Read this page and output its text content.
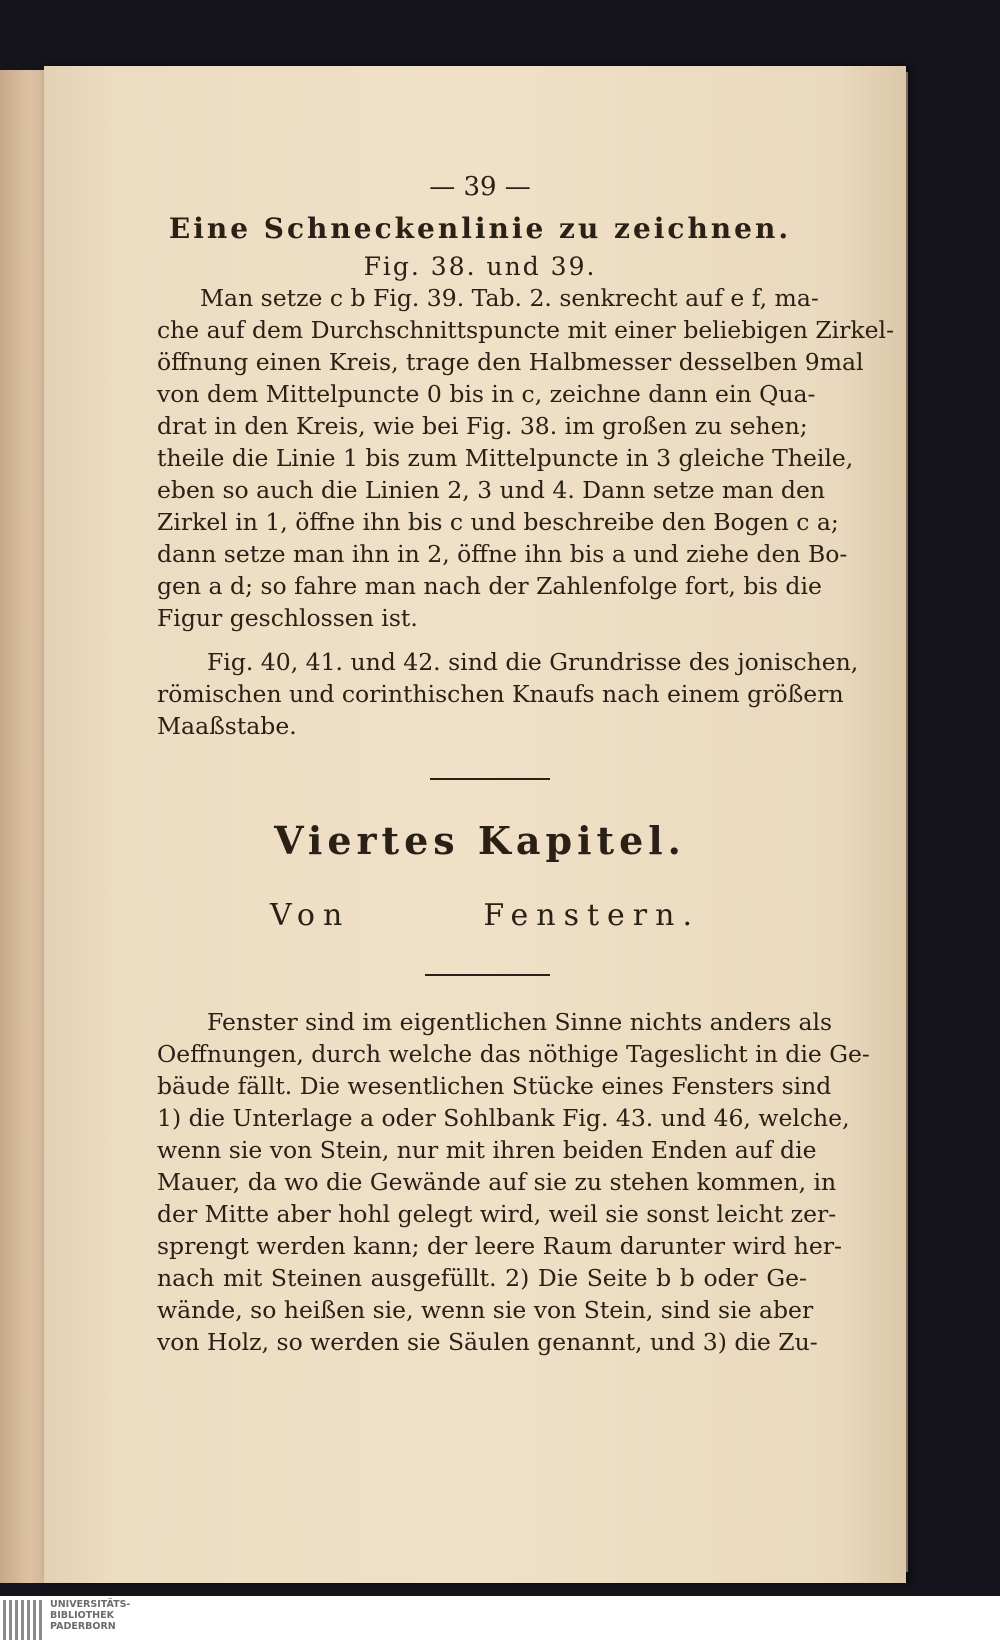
— 39 —
Eine Schneckenlinie zu zeichnen.
Fig. 38. und 39.
Man setze c b Fig. 39. Tab. 2. senkrecht auf e f, ma-
che auf dem Durchschnittspuncte mit einer beliebigen Zirkel-
öffnung einen Kreis, trage den Halbmesser desselben 9mal
von dem Mittelpuncte 0 bis in c, zeichne dann ein Qua-
drat in den Kreis, wie bei Fig. 38. im großen zu sehen;
theile die Linie 1 bis zum Mittelpuncte in 3 gleiche Theile,
eben so auch die Linien 2, 3 und 4. Dann setze man den
Zirkel in 1, öffne ihn bis c und beschreibe den Bogen c a;
dann setze man ihn in 2, öffne ihn bis a und ziehe den Bo-
gen a d; so fahre man nach der Zahlenfolge fort, bis die
Figur geschlossen ist.
Fig. 40, 41. und 42. sind die Grundrisse des jonischen,
römischen und corinthischen Knaufs nach einem größern
Maaßstabe.
Viertes Kapitel.
Von Fenstern.
Fenster sind im eigentlichen Sinne nichts anders als
Oeffnungen, durch welche das nöthige Tageslicht in die Ge-
bäude fällt. Die wesentlichen Stücke eines Fensters sind
1) die Unterlage a oder Sohlbank Fig. 43. und 46, welche,
wenn sie von Stein, nur mit ihren beiden Enden auf die
Mauer, da wo die Gewände auf sie zu stehen kommen, in
der Mitte aber hohl gelegt wird, weil sie sonst leicht zer-
sprengt werden kann; der leere Raum darunter wird her-
nach mit Steinen ausgefüllt. 2) Die Seite b b oder Ge-
wände, so heißen sie, wenn sie von Stein, sind sie aber
von Holz, so werden sie Säulen genannt, und 3) die Zu-
UNIVERSITÄTS-
BIBLIOTHEK
PADERBORN
